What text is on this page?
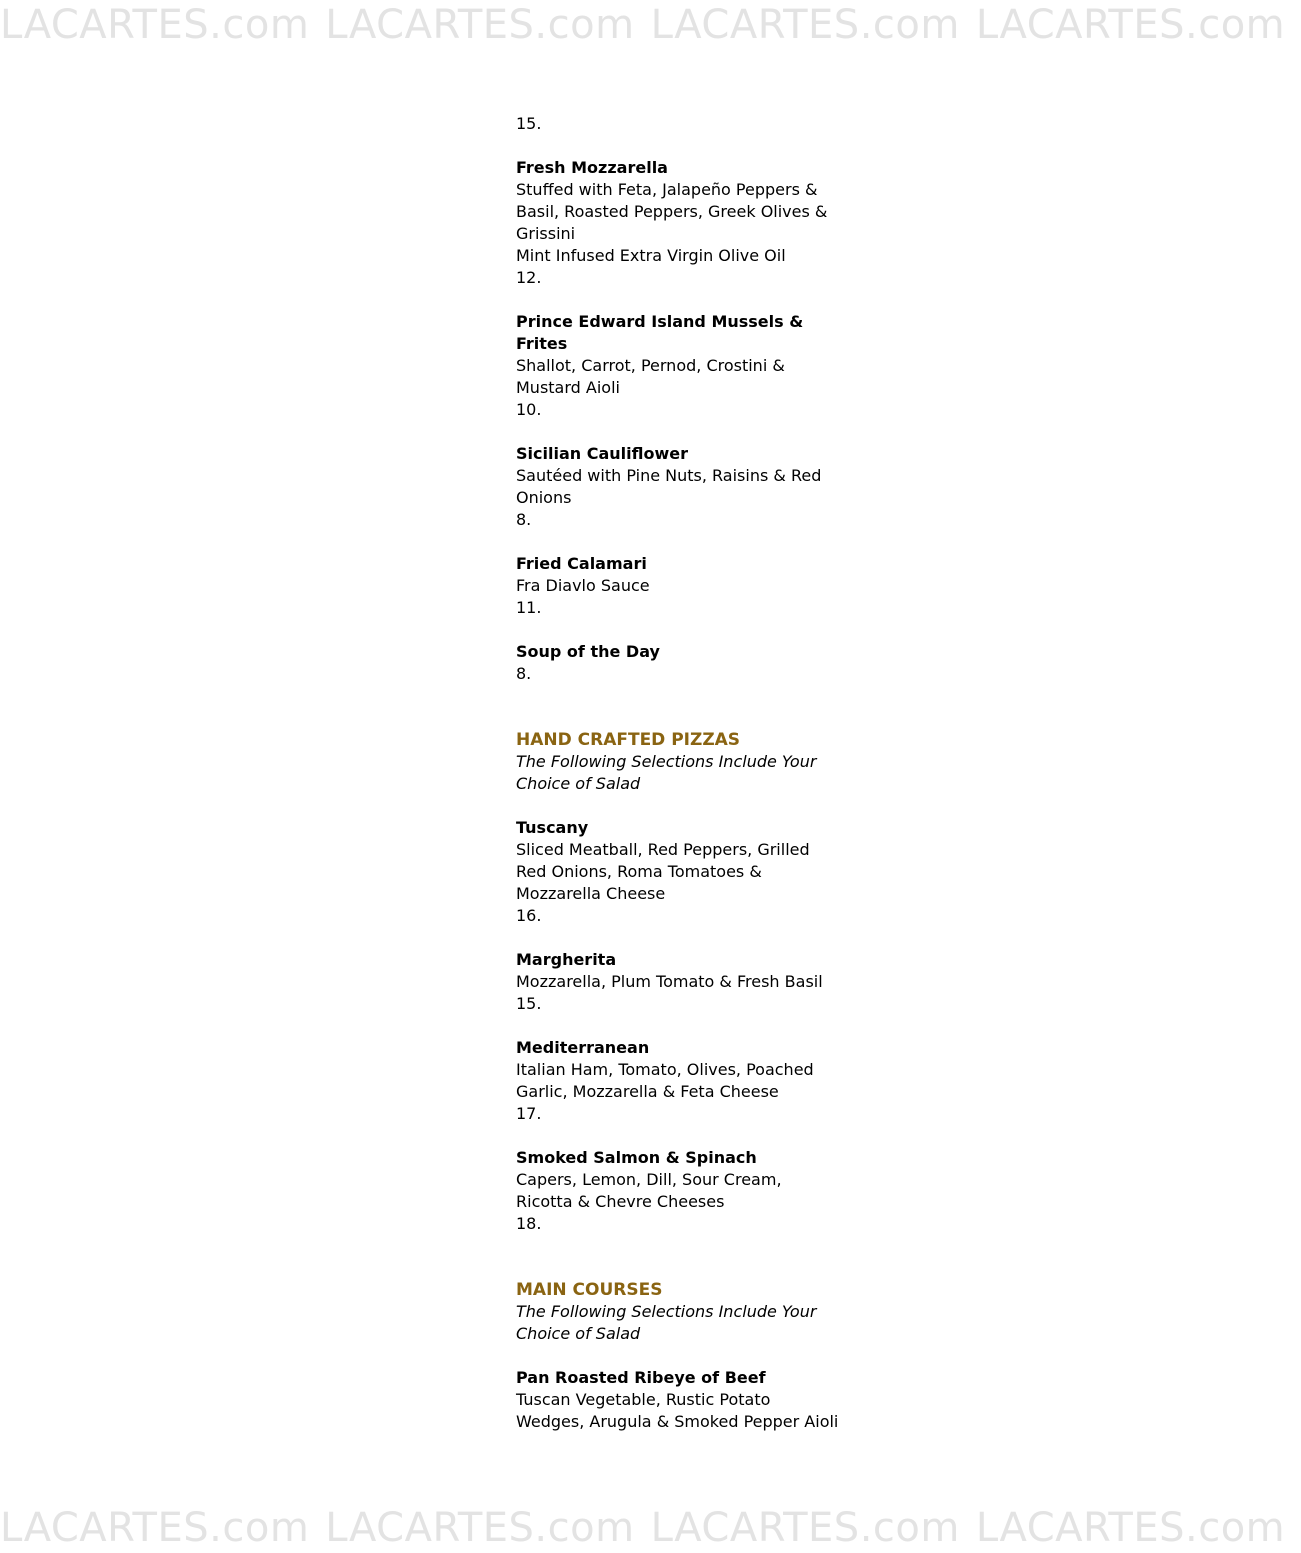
LACARTES.com LACARTES.com LACARTES.com LACARTES.com
15.
Fresh Mozzarella
Stuffed with Feta, Jalapeño Peppers &
Basil, Roasted Peppers, Greek Olives &
Grissini
Mint Infused Extra Virgin Olive Oil
12.
Prince Edward Island Mussels &
Frites
Shallot, Carrot, Pernod, Crostini &
Mustard Aioli
10.
Sicilian Cauliflower
Sautéed with Pine Nuts, Raisins & Red
Onions
8.
Fried Calamari
Fra Diavlo Sauce
11.
Soup of the Day
8.
HAND CRAFTED PIZZAS
The Following Selections Include Your
Choice of Salad
Tuscany
Sliced Meatball, Red Peppers, Grilled
Red Onions, Roma Tomatoes &
Mozzarella Cheese
16.
Margherita
Mozzarella, Plum Tomato & Fresh Basil
15.
Mediterranean
Italian Ham, Tomato, Olives, Poached
Garlic, Mozzarella & Feta Cheese
17.
Smoked Salmon & Spinach
Capers, Lemon, Dill, Sour Cream,
Ricotta & Chevre Cheeses
18.
MAIN COURSES
The Following Selections Include Your
Choice of Salad
Pan Roasted Ribeye of Beef
Tuscan Vegetable, Rustic Potato
Wedges, Arugula & Smoked Pepper Aioli
LACARTES.com LACARTES.com LACARTES.com LACARTES.com
